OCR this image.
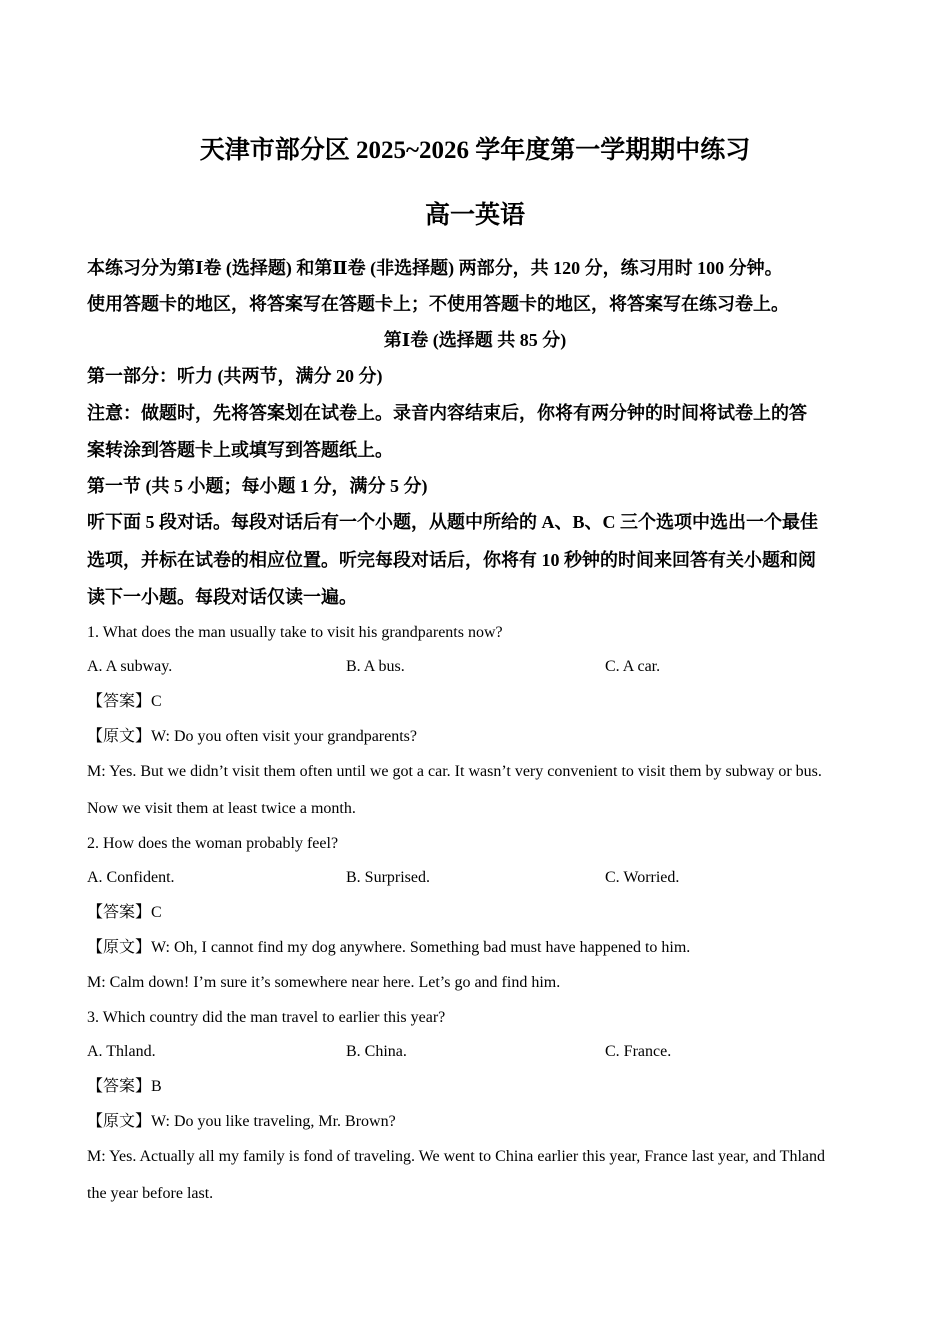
天津市部分区 2025~2026 学年度第一学期期中练习
高一英语
本练习分为第Ⅰ卷 (选择题) 和第Ⅱ卷 (非选择题) 两部分，共 120 分，练习用时 100 分钟。
使用答题卡的地区，将答案写在答题卡上；不使用答题卡的地区，将答案写在练习卷上。
第Ⅰ卷 (选择题 共 85 分)
第一部分：听力 (共两节，满分 20 分)
注意：做题时，先将答案划在试卷上。录音内容结束后，你将有两分钟的时间将试卷上的答
案转涂到答题卡上或填写到答题纸上。
第一节 (共 5 小题；每小题 1 分，满分 5 分)
听下面 5 段对话。每段对话后有一个小题，从题中所给的 A、B、C 三个选项中选出一个最佳
选项，并标在试卷的相应位置。听完每段对话后，你将有 10 秒钟的时间来回答有关小题和阅
读下一小题。每段对话仅读一遍。
1. What does the man usually take to visit his grandparents now?
A. A subway.	B. A bus.	C. A car.
【答案】C
【原文】W: Do you often visit your grandparents?
M: Yes. But we didn’t visit them often until we got a car. It wasn’t very convenient to visit them by subway or bus.
Now we visit them at least twice a month.
2. How does the woman probably feel?
A. Confident.	B. Surprised.	C. Worried.
【答案】C
【原文】W: Oh, I cannot find my dog anywhere. Something bad must have happened to him.
M: Calm down! I’m sure it’s somewhere near here. Let’s go and find him.
3. Which country did the man travel to earlier this year?
A. Thland.	B. China.	C. France.
【答案】B
【原文】W: Do you like traveling, Mr. Brown?
M: Yes. Actually all my family is fond of traveling. We went to China earlier this year, France last year, and Thland
the year before last.
